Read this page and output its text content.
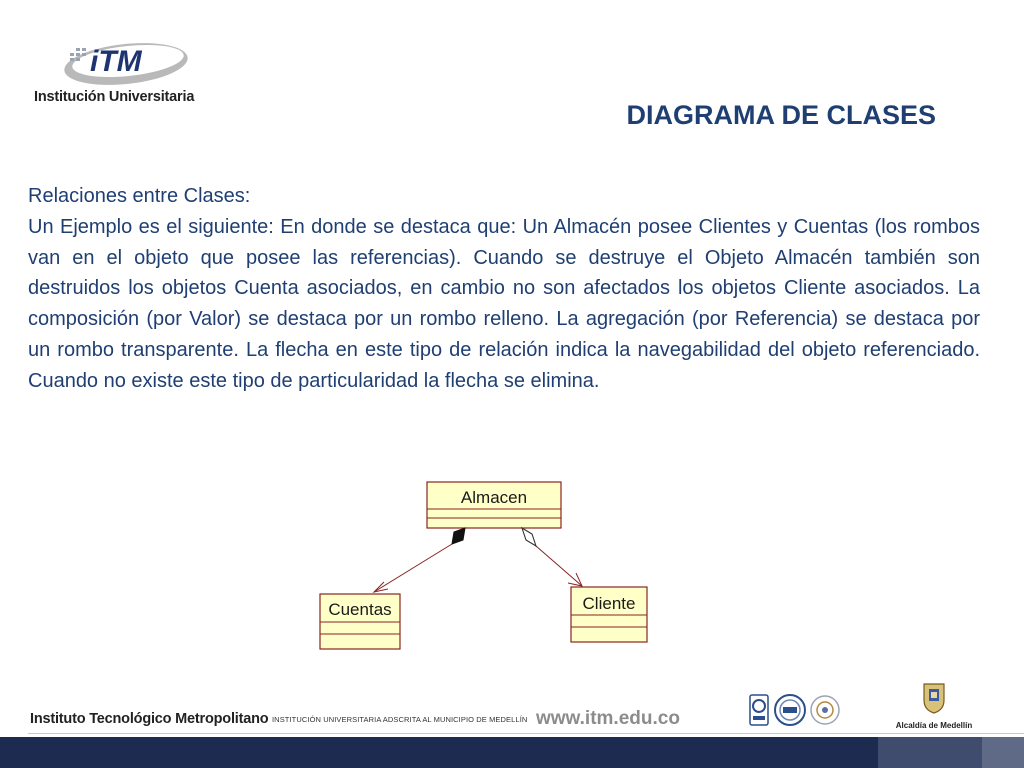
iTM
Institución Universitaria
DIAGRAMA DE CLASES

Relaciones entre Clases:

Un Ejemplo es el siguiente: En donde se destaca que: Un Almacén posee Clientes y Cuentas (los rombos van en el objeto que posee las referencias). Cuando se destruye el Objeto Almacén también son destruidos los objetos Cuenta asociados, en cambio no son afectados los objetos Cliente asociados. La composición (por Valor) se destaca por un rombo relleno. La agregación (por Referencia) se destaca por un rombo transparente. La flecha en este tipo de relación indica la navegabilidad del objeto referenciado. Cuando no existe este tipo de particularidad la flecha se elimina.

Almacen
Cuentas	Cliente
Instituto Tecnológico Metropolitano INSTITUCIÓN UNIVERSITARIA ADSCRITA AL MUNICIPIO DE MEDELLÍN www.itm.edu.co	Alcaldía de Medellín
